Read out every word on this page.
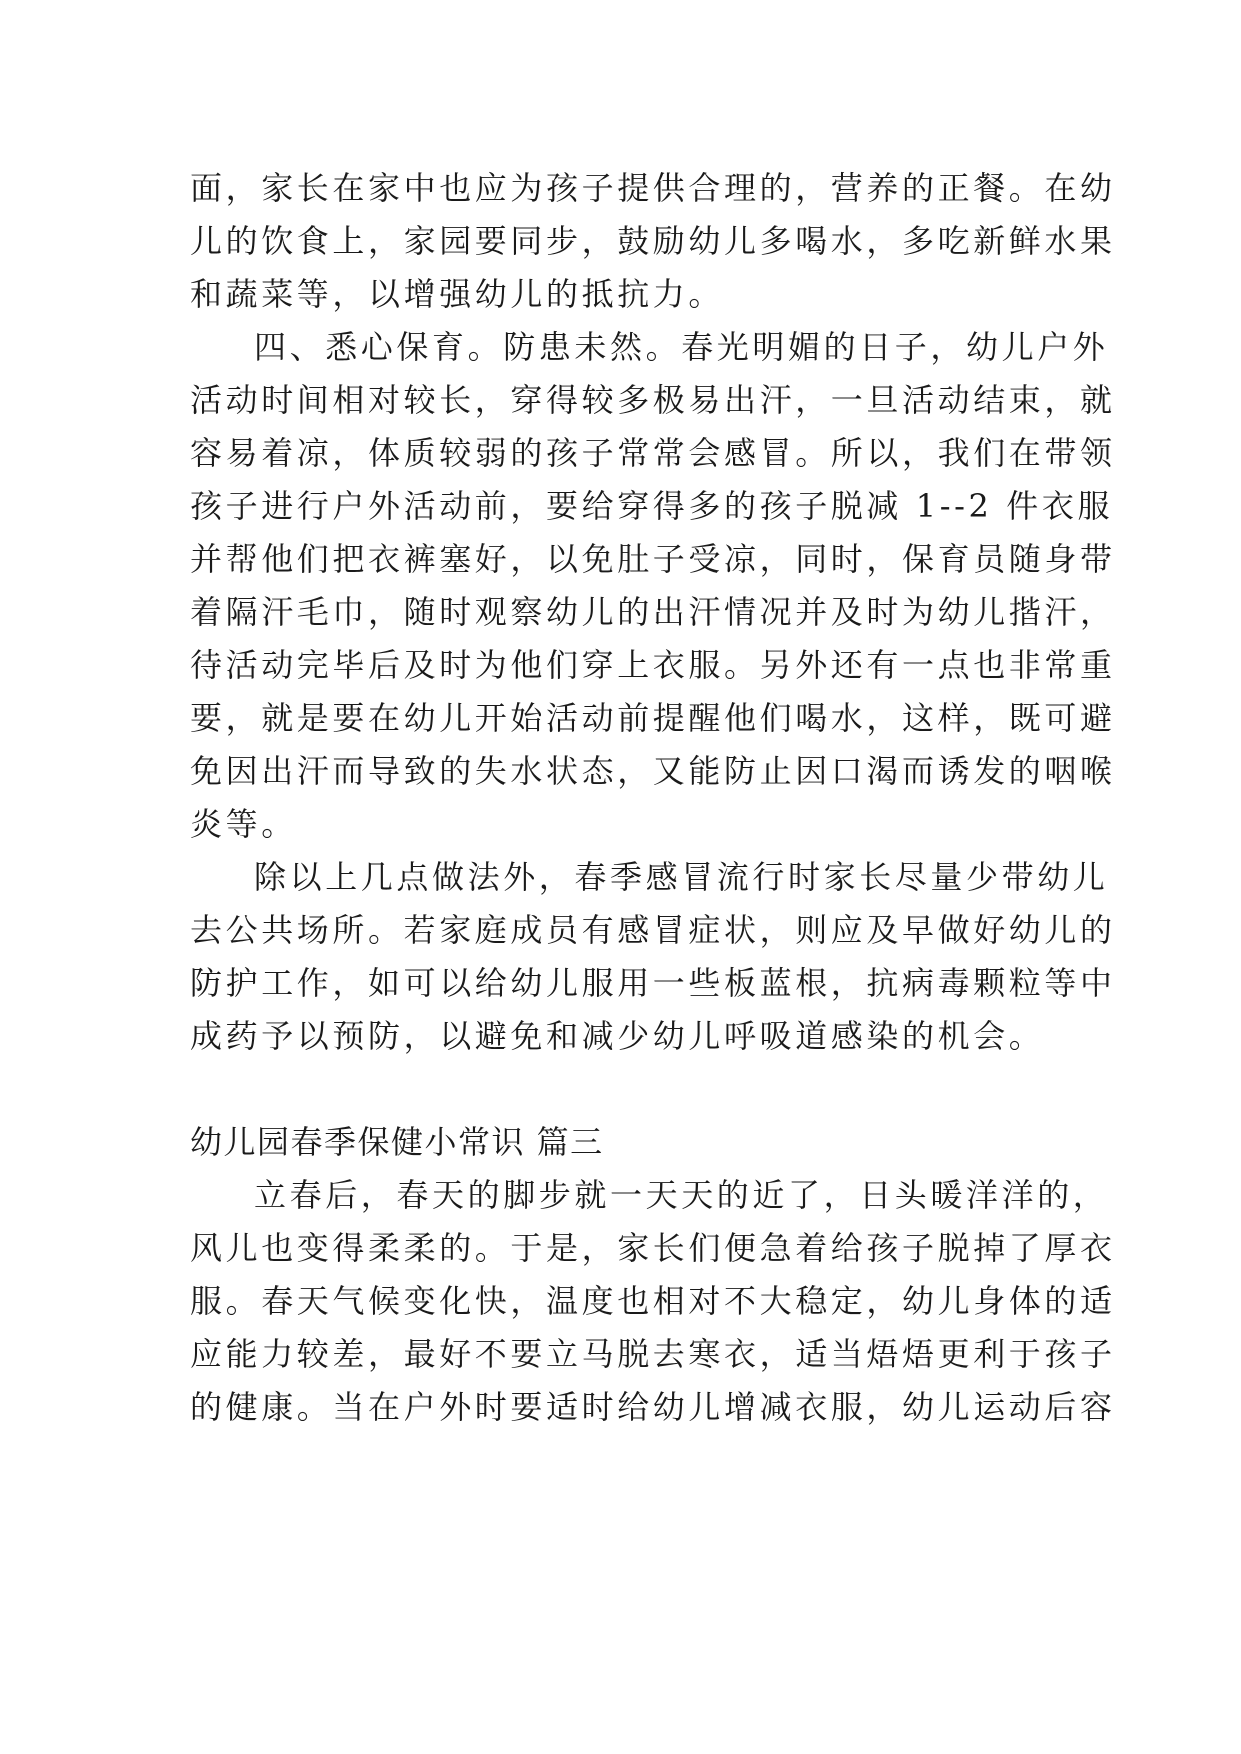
面，家长在家中也应为孩子提供合理的，营养的正餐。在幼
儿的饮食上，家园要同步，鼓励幼儿多喝水，多吃新鲜水果
和蔬菜等，以增强幼儿的抵抗力。
四、悉心保育。防患未然。春光明媚的日子，幼儿户外
活动时间相对较长，穿得较多极易出汗，一旦活动结束，就
容易着凉，体质较弱的孩子常常会感冒。所以，我们在带领
孩子进行户外活动前，要给穿得多的孩子脱减 1--2 件衣服
并帮他们把衣裤塞好，以免肚子受凉，同时，保育员随身带
着隔汗毛巾，随时观察幼儿的出汗情况并及时为幼儿揩汗，
待活动完毕后及时为他们穿上衣服。另外还有一点也非常重
要，就是要在幼儿开始活动前提醒他们喝水，这样，既可避
免因出汗而导致的失水状态，又能防止因口渴而诱发的咽喉
炎等。
除以上几点做法外，春季感冒流行时家长尽量少带幼儿
去公共场所。若家庭成员有感冒症状，则应及早做好幼儿的
防护工作，如可以给幼儿服用一些板蓝根，抗病毒颗粒等中
成药予以预防，以避免和减少幼儿呼吸道感染的机会。
幼儿园春季保健小常识 篇三
立春后，春天的脚步就一天天的近了，日头暖洋洋的，
风儿也变得柔柔的。于是，家长们便急着给孩子脱掉了厚衣
服。春天气候变化快，温度也相对不大稳定，幼儿身体的适
应能力较差，最好不要立马脱去寒衣，适当焐焐更利于孩子
的健康。当在户外时要适时给幼儿增减衣服，幼儿运动后容
